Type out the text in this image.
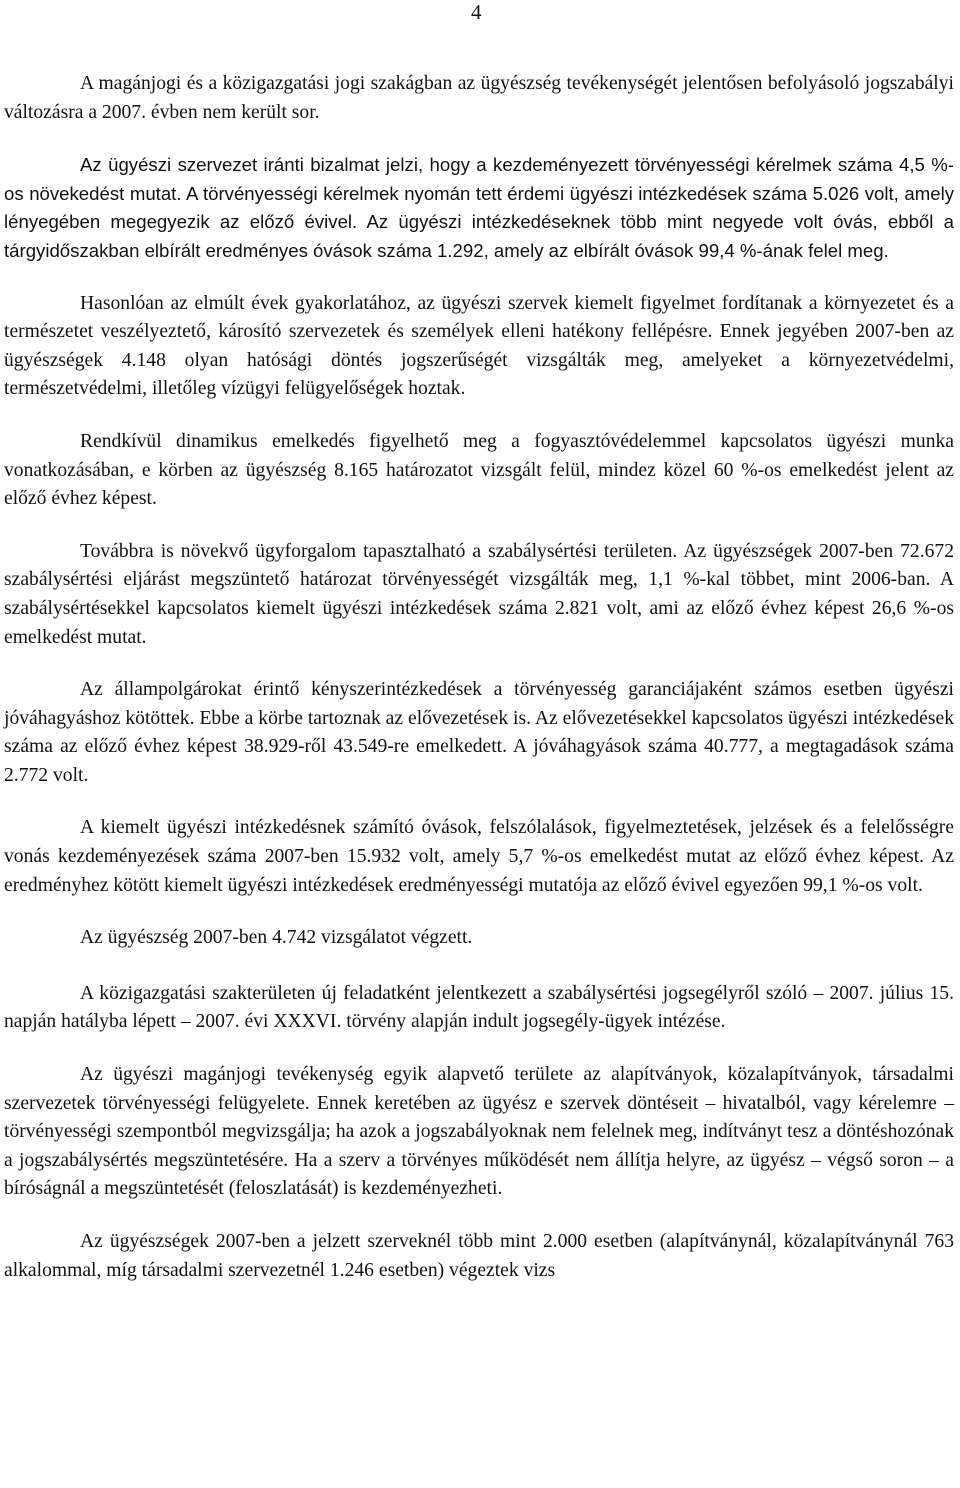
4

A magánjogi és a közigazgatási jogi szakágban az ügyészség tevékenységét jelentősen befolyásoló jogszabályi változásra a 2007. évben nem került sor.

Az ügyészi szervezet iránti bizalmat jelzi, hogy a kezdeményezett törvényességi kérelmek száma 4,5 %-os növekedést mutat. A törvényességi kérelmek nyomán tett érdemi ügyészi intézkedések száma 5.026 volt, amely lényegében megegyezik az előző évivel. Az ügyészi intézkedéseknek több mint negyede volt óvás, ebből a tárgyidőszakban elbírált eredményes óvások száma 1.292, amely az elbírált óvások 99,4 %-ának felel meg.

Hasonlóan az elmúlt évek gyakorlatához, az ügyészi szervek kiemelt figyelmet fordítanak a környezetet és a természetet veszélyeztető, károsító szervezetek és személyek elleni hatékony fellépésre. Ennek jegyében 2007-ben az ügyészségek 4.148 olyan hatósági döntés jogszerűségét vizsgálták meg, amelyeket a környezetvédelmi, természetvédelmi, illetőleg vízügyi felügyelőségek hoztak.

Rendkívül dinamikus emelkedés figyelhető meg a fogyasztóvédelemmel kapcsolatos ügyészi munka vonatkozásában, e körben az ügyészség 8.165 határozatot vizsgált felül, mindez közel 60 %-os emelkedést jelent az előző évhez képest.

Továbbra is növekvő ügyforgalom tapasztalható a szabálysértési területen. Az ügyészségek 2007-ben 72.672 szabálysértési eljárást megszüntető határozat törvényességét vizsgálták meg, 1,1 %-kal többet, mint 2006-ban. A szabálysértésekkel kapcsolatos kiemelt ügyészi intézkedések száma 2.821 volt, ami az előző évhez képest 26,6 %-os emelkedést mutat.

Az állampolgárokat érintő kényszerintézkedések a törvényesség garanciájaként számos esetben ügyészi jóváhagyáshoz kötöttek. Ebbe a körbe tartoznak az elővezetések is. Az elővezetésekkel kapcsolatos ügyészi intézkedések száma az előző évhez képest 38.929-ről 43.549-re emelkedett. A jóváhagyások száma 40.777, a megtagadások száma 2.772 volt.

A kiemelt ügyészi intézkedésnek számító óvások, felszólalások, figyelmeztetések, jelzések és a felelősségre vonás kezdeményezések száma 2007-ben 15.932 volt, amely 5,7 %-os emelkedést mutat az előző évhez képest. Az eredményhez kötött kiemelt ügyészi intézkedések eredményességi mutatója az előző évivel egyezően 99,1 %-os volt.

Az ügyészség 2007-ben 4.742 vizsgálatot végzett.

A közigazgatási szakterületen új feladatként jelentkezett a szabálysértési jogsegélyről szóló – 2007. július 15. napján hatályba lépett – 2007. évi XXXVI. törvény alapján indult jogsegély-ügyek intézése.

Az ügyészi magánjogi tevékenység egyik alapvető területe az alapítványok, közalapítványok, társadalmi szervezetek törvényességi felügyelete. Ennek keretében az ügyész e szervek döntéseit – hivatalból, vagy kérelemre – törvényességi szempontból megvizsgálja; ha azok a jogszabályoknak nem felelnek meg, indítványt tesz a döntéshozónak a jogszabálysértés megszüntetésére. Ha a szerv a törvényes működését nem állítja helyre, az ügyész – végső soron – a bíróságnál a megszüntetését (feloszlatását) is kezdeményezheti.

Az ügyészségek 2007-ben a jelzett szerveknél több mint 2.000 esetben (alapítványnál, közalapítványnál 763 alkalommal, míg társadalmi szervezetnél 1.246 esetben) végeztek vizs
